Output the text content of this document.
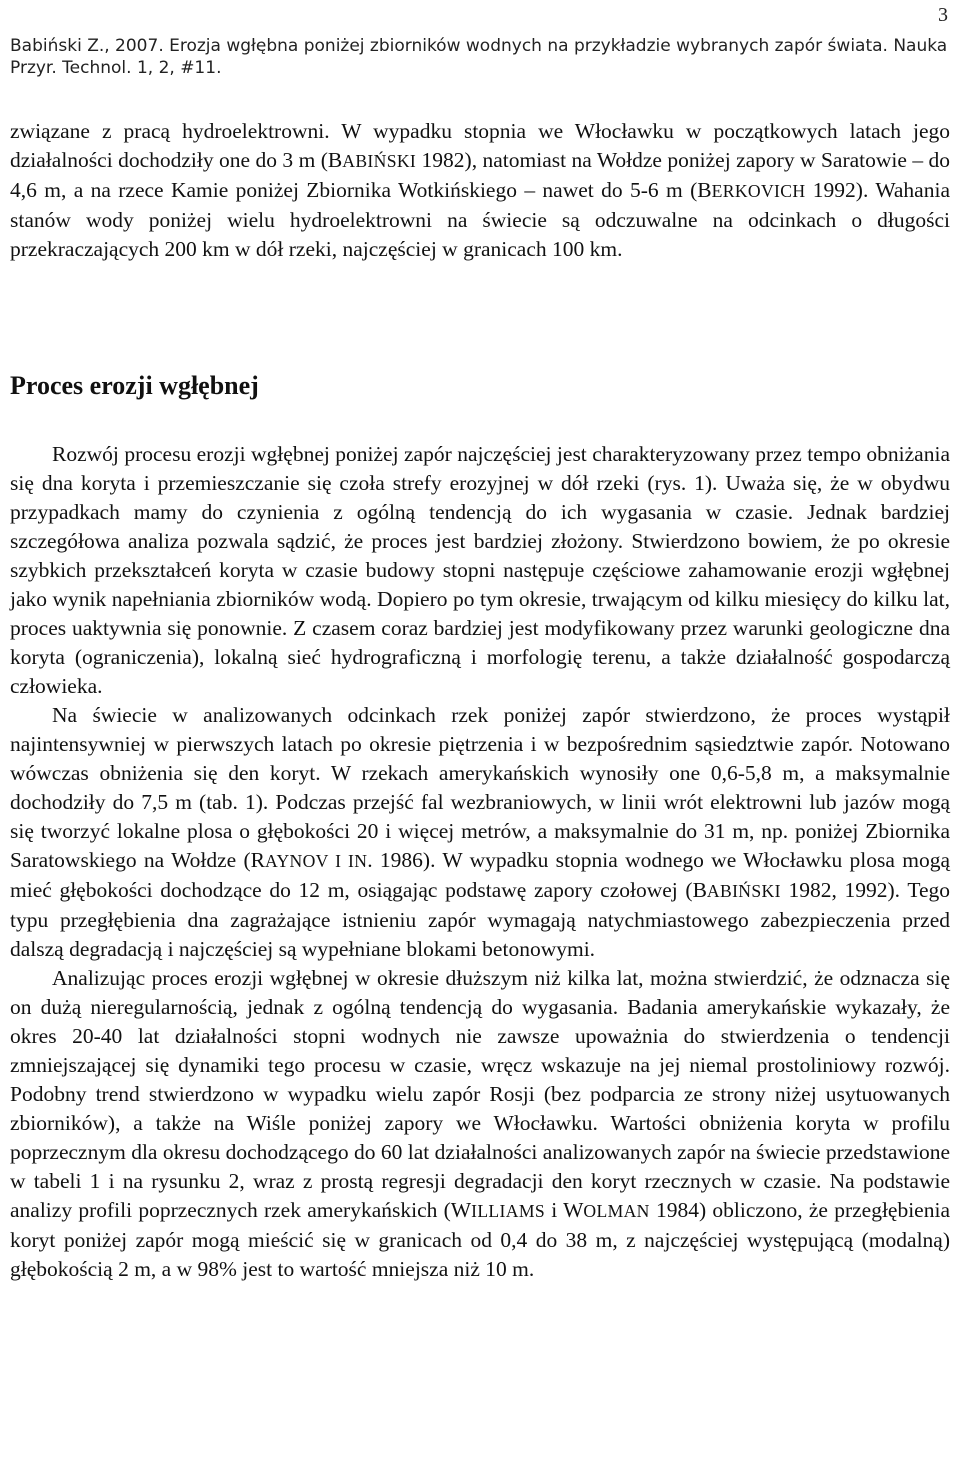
3
Babiński Z., 2007. Erozja wgłębna poniżej zbiorników wodnych na przykładzie wybranych zapór świata. Nauka Przyr. Technol. 1, 2, #11.

związane z pracą hydroelektrowni. W wypadku stopnia we Włocławku w początkowych latach jego działalności dochodziły one do 3 m (BABIŃSKI 1982), natomiast na Wołdze poniżej zapory w Saratowie – do 4,6 m, a na rzece Kamie poniżej Zbiornika Wotkińskiego – nawet do 5-6 m (BERKOVICH 1992). Wahania stanów wody poniżej wielu hydroelektrowni na świecie są odczuwalne na odcinkach o długości przekraczających 200 km w dół rzeki, najczęściej w granicach 100 km.

Proces erozji wgłębnej

Rozwój procesu erozji wgłębnej poniżej zapór najczęściej jest charakteryzowany przez tempo obniżania się dna koryta i przemieszczanie się czoła strefy erozyjnej w dół rzeki (rys. 1). Uważa się, że w obydwu przypadkach mamy do czynienia z ogólną tendencją do ich wygasania w czasie. Jednak bardziej szczegółowa analiza pozwala sądzić, że proces jest bardziej złożony. Stwierdzono bowiem, że po okresie szybkich przekształceń koryta w czasie budowy stopni następuje częściowe zahamowanie erozji wgłębnej jako wynik napełniania zbiorników wodą. Dopiero po tym okresie, trwającym od kilku miesięcy do kilku lat, proces uaktywnia się ponownie. Z czasem coraz bardziej jest modyfikowany przez warunki geologiczne dna koryta (ograniczenia), lokalną sieć hydrograficzną i morfologię terenu, a także działalność gospodarczą człowieka.

Na świecie w analizowanych odcinkach rzek poniżej zapór stwierdzono, że proces wystąpił najintensywniej w pierwszych latach po okresie piętrzenia i w bezpośrednim sąsiedztwie zapór. Notowano wówczas obniżenia się den koryt. W rzekach amerykańskich wynosiły one 0,6-5,8 m, a maksymalnie dochodziły do 7,5 m (tab. 1). Podczas przejść fal wezbraniowych, w linii wrót elektrowni lub jazów mogą się tworzyć lokalne plosa o głębokości 20 i więcej metrów, a maksymalnie do 31 m, np. poniżej Zbiornika Saratowskiego na Wołdze (RAYNOV I IN. 1986). W wypadku stopnia wodnego we Włocławku plosa mogą mieć głębokości dochodzące do 12 m, osiągając podstawę zapory czołowej (BABIŃSKI 1982, 1992). Tego typu przegłębienia dna zagrażające istnieniu zapór wymagają natychmiastowego zabezpieczenia przed dalszą degradacją i najczęściej są wypełniane blokami betonowymi.

Analizując proces erozji wgłębnej w okresie dłuższym niż kilka lat, można stwierdzić, że odznacza się on dużą nieregularnością, jednak z ogólną tendencją do wygasania. Badania amerykańskie wykazały, że okres 20-40 lat działalności stopni wodnych nie zawsze upoważnia do stwierdzenia o tendencji zmniejszającej się dynamiki tego procesu w czasie, wręcz wskazuje na jej niemal prostoliniowy rozwój. Podobny trend stwierdzono w wypadku wielu zapór Rosji (bez podparcia ze strony niżej usytuowanych zbiorników), a także na Wiśle poniżej zapory we Włocławku. Wartości obniżenia koryta w profilu poprzecznym dla okresu dochodzącego do 60 lat działalności analizowanych zapór na świecie przedstawione w tabeli 1 i na rysunku 2, wraz z prostą regresji degradacji den koryt rzecznych w czasie. Na podstawie analizy profili poprzecznych rzek amerykańskich (WILLIAMS i WOLMAN 1984) obliczono, że przegłębienia koryt poniżej zapór mogą mieścić się w granicach od 0,4 do 38 m, z najczęściej występującą (modalną) głębokością 2 m, a w 98% jest to wartość mniejsza niż 10 m.
